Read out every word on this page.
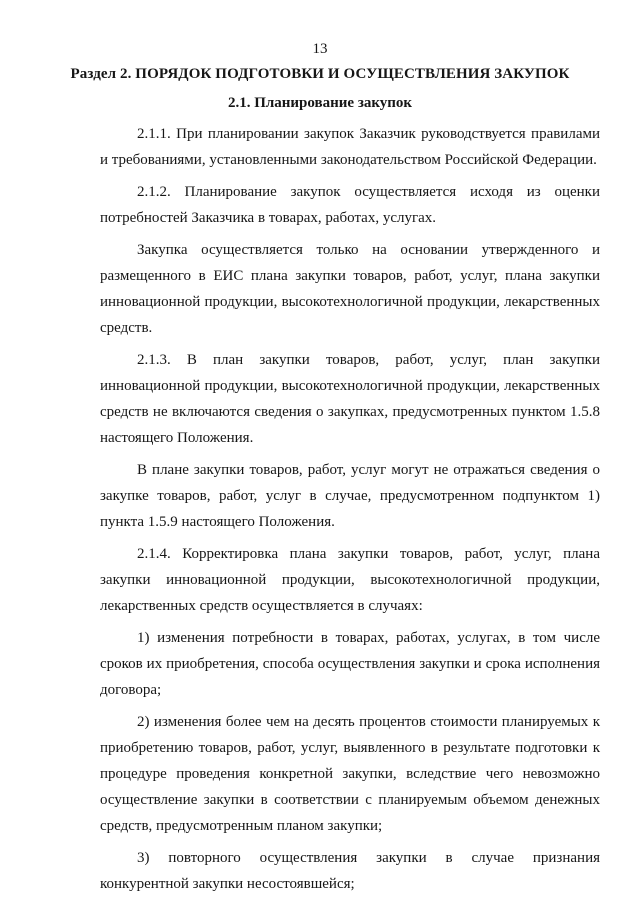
13
Раздел 2. ПОРЯДОК ПОДГОТОВКИ И ОСУЩЕСТВЛЕНИЯ ЗАКУПОК
2.1. Планирование закупок

2.1.1. При планировании закупок Заказчик руководствуется правилами и требованиями, установленными законодательством Российской Федерации.

2.1.2. Планирование закупок осуществляется исходя из оценки потребностей Заказчика в товарах, работах, услугах.

Закупка осуществляется только на основании утвержденного и размещенного в ЕИС плана закупки товаров, работ, услуг, плана закупки инновационной продукции, высокотехнологичной продукции, лекарственных средств.

2.1.3. В план закупки товаров, работ, услуг, план закупки инновационной продукции, высокотехнологичной продукции, лекарственных средств не включаются сведения о закупках, предусмотренных пунктом 1.5.8 настоящего Положения.

В плане закупки товаров, работ, услуг могут не отражаться сведения о закупке товаров, работ, услуг в случае, предусмотренном подпунктом 1) пункта 1.5.9 настоящего Положения.

2.1.4. Корректировка плана закупки товаров, работ, услуг, плана закупки инновационной продукции, высокотехнологичной продукции, лекарственных средств осуществляется в случаях:

1) изменения потребности в товарах, работах, услугах, в том числе сроков их приобретения, способа осуществления закупки и срока исполнения договора;

2) изменения более чем на десять процентов стоимости планируемых к приобретению товаров, работ, услуг, выявленного в результате подготовки к процедуре проведения конкретной закупки, вследствие чего невозможно осуществление закупки в соответствии с планируемым объемом денежных средств, предусмотренным планом закупки;

3) повторного осуществления закупки в случае признания конкурентной закупки несостоявшейся;
